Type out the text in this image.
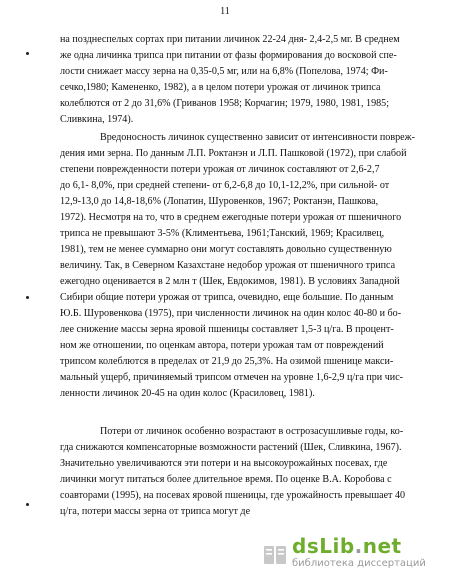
11
на позднеспелых сортах при питании личинок 22-24 дня- 2,4-2,5 мг. В среднем
же одна личинка трипса при питании от фазы формирования до восковой спе-
лости снижает массу зерна на 0,35-0,5 мг, или на 6,8% (Попелова, 1974; Фи-
сечко,1980; Камененко, 1982), а в целом потери урожая от личинок трипса
колеблются от 2 до 31,6% (Гриванов 1958; Корчагин; 1979, 1980, 1981, 1985;
Сливкина, 1974).
Вредоносность личинок существенно зависит от интенсивности повреж-
дения ими зерна. По данным Л.П. Роктанэн и Л.П. Пашковой (1972), при слабой
степени поврежденности потери урожая от личинок составляют от 2,6-2,7
до 6,1- 8,0%, при средней степени- от 6,2-6,8 до 10,1-12,2%, при сильной- от
12,9-13,0 до 14,8-18,6% (Лопатин, Шуровенков, 1967; Роктанэн, Пашкова,
1972). Несмотря на то, что в среднем ежегодные потери урожая от пшеничного
трипса не превышают 3-5% (Климентьева, 1961;Танский, 1969; Красилвец,
1981), тем не менее суммарно они могут составлять довольно существенную
величину. Так, в Северном Казахстане недобор урожая от пшеничного трипса
ежегодно оценивается в 2 млн т (Шек, Евдокимов, 1981). В условиях Западной
Сибири общие потери урожая от трипса, очевидно, еще большие. По данным
Ю.Б. Шуровенкова (1975), при численности личинок на один колос 40-80 и бо-
лее снижение массы зерна яровой пшеницы составляет 1,5-3 ц/га. В процент-
ном же отношении, по оценкам автора, потери урожая там от повреждений
трипсом колеблются в пределах от 21,9 до 25,3%. На озимой пшенице макси-
мальный ущерб, причиняемый трипсом отмечен на уровне 1,6-2,9 ц/га при чис-
ленности личинок 20-45 на один колос (Красиловец, 1981).
Потери от личинок особенно возрастают в острозасушливые годы, ко-
гда снижаются компенсаторные возможности растений (Шек, Сливкина, 1967).
Значительно увеличиваются эти потери и на высокоурожайных посевах, где
личинки могут питаться более длительное время. По оценке В.А. Коробова с
соавторами (1995), на посевах яровой пшеницы, где урожайность превышает 40
ц/га, потери массы зерна от трипса могут де
dsLib.net
библиотека диссертаций
